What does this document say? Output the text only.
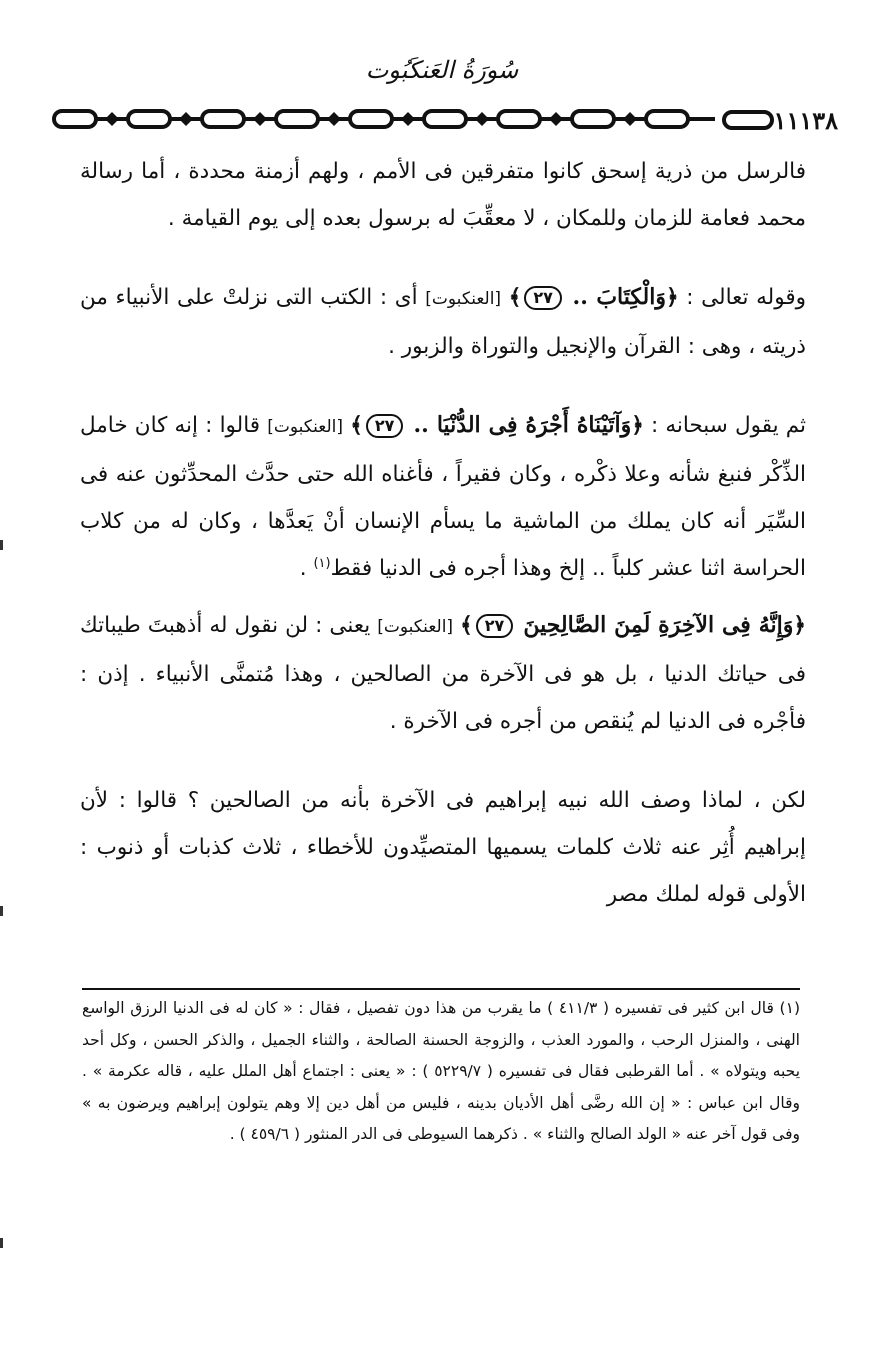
سُورَةُ العَنكَبُوت
١١١٣٨

فالرسل من ذرية إسحق كانوا متفرقين فى الأمم ، ولهم أزمنة محددة ، أما رسالة محمد فعامة للزمان وللمكان ، لا معقِّبَ له برسول بعده إلى يوم القيامة .

وقوله تعالى : ﴿وَالْكِتَابَ .. ٢٧﴾ [العنكبوت] أى : الكتب التى نزلتْ على الأنبياء من ذريته ، وهى : القرآن والإنجيل والتوراة والزبور .

ثم يقول سبحانه : ﴿وَآتَيْنَاهُ أَجْرَهُ فِى الدُّنْيَا .. ٢٧﴾ [العنكبوت] قالوا : إنه كان خامل الذِّكْر فنبغ شأنه وعلا ذكْره ، وكان فقيراً ، فأغناه الله حتى حدَّث المحدِّثون عنه فى السِّيَر أنه كان يملك من الماشية ما يسأم الإنسان أنْ يَعدَّها ، وكان له من كلاب الحراسة اثنا عشر كلباً .. إلخ وهذا أجره فى الدنيا فقط$^{(١)}$ .

﴿وَإِنَّهُ فِى الآخِرَةِ لَمِنَ الصَّالِحِينَ ٢٧﴾ [العنكبوت] يعنى : لن نقول له أذهبتَ طيباتك فى حياتك الدنيا ، بل هو فى الآخرة من الصالحين ، وهذا مُتمنَّى الأنبياء . إذن : فأجْره فى الدنيا لم يُنقص من أجره فى الآخرة .

لكن ، لماذا وصف الله نبيه إبراهيم فى الآخرة بأنه من الصالحين ؟ قالوا : لأن إبراهيم أُثِر عنه ثلاث كلمات يسميها المتصيِّدون للأخطاء ، ثلاث كذبات أو ذنوب : الأولى قوله لملك مصر

(١) قال ابن كثير فى تفسيره ( ٤١١/٣ ) ما يقرب من هذا دون تفصيل ، فقال : « كان له فى الدنيا الرزق الواسع الهنى ، والمنزل الرحب ، والمورد العذب ، والزوجة الحسنة الصالحة ، والثناء الجميل ، والذكر الحسن ، وكل أحد يحبه ويتولاه » . أما القرطبى فقال فى تفسيره ( ٥٢٢٩/٧ ) : « يعنى : اجتماع أهل الملل عليه ، قاله عكرمة » . وقال ابن عباس : « إن الله رضَّى أهل الأديان بدينه ، فليس من أهل دين إلا وهم يتولون إبراهيم ويرضون به » وفى قول آخر عنه « الولد الصالح والثناء » . ذكرهما السيوطى فى الدر المنثور ( ٤٥٩/٦ ) .
